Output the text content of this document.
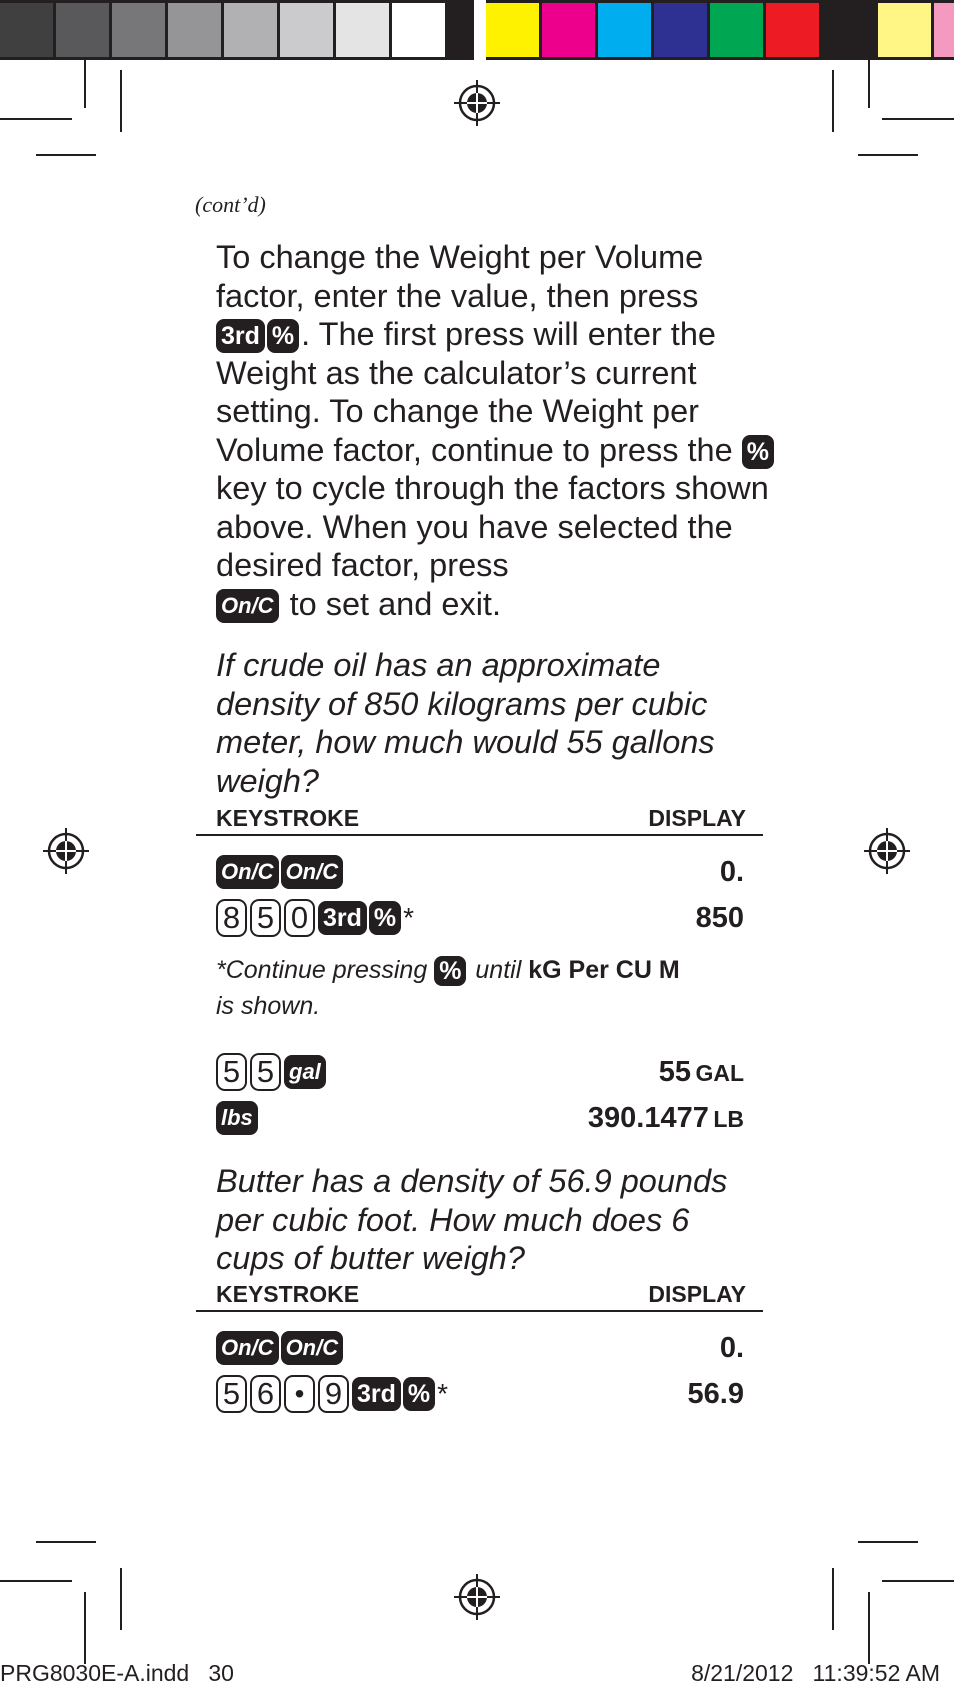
(cont’d)
To change the Weight per Volume factor, enter the value, then press
3rd % . The first press will enter the Weight as the calculator’s current setting. To change the Weight per Volume factor, continue to press the % key to cycle through the factors shown above. When you have selected the desired factor, press
On/C to set and exit.
If crude oil has an approximate density of 850 kilograms per cubic meter, how much would 55 gallons weigh?
KEYSTROKE	DISPLAY
On/C On/C	0.
8 5 0 3rd % *	850
*Continue pressing % until kG Per CU M
is shown.
5 5 gal	55 GAL
lbs	390.1477 LB
Butter has a density of 56.9 pounds per cubic foot. How much does 6 cups of butter weigh?
KEYSTROKE	DISPLAY
On/C On/C	0.
5 6 • 9 3rd % *	56.9
PRG8030E-A.indd   30	8/21/2012   11:39:52 AM
